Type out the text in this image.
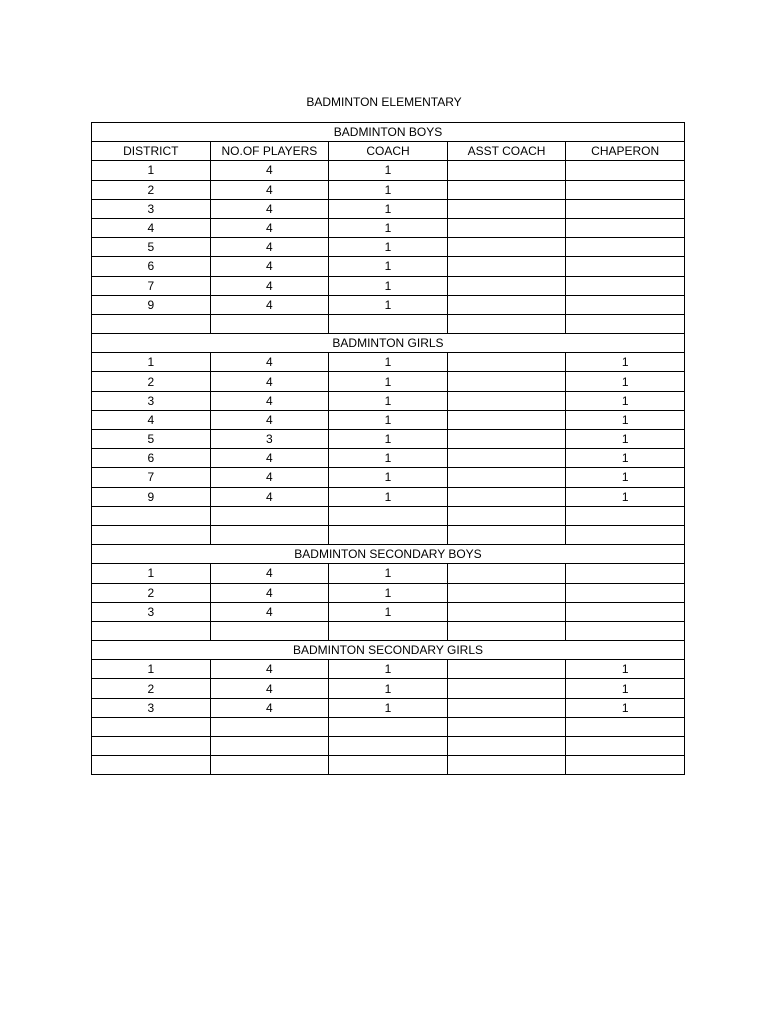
BADMINTON ELEMENTARY
BADMINTON BOYS				
DISTRICT	NO.OF PLAYERS	COACH	ASST COACH	CHAPERON
1	4	1		
2	4	1		
3	4	1		
4	4	1		
5	4	1		
6	4	1		
7	4	1		
9	4	1		

BADMINTON GIRLS				
1	4	1		1
2	4	1		1
3	4	1		1
4	4	1		1
5	3	1		1
6	4	1		1
7	4	1		1
9	4	1		1

BADMINTON SECONDARY BOYS				
1	4	1		
2	4	1		
3	4	1		

BADMINTON SECONDARY GIRLS				
1	4	1		1
2	4	1		1
3	4	1		1
